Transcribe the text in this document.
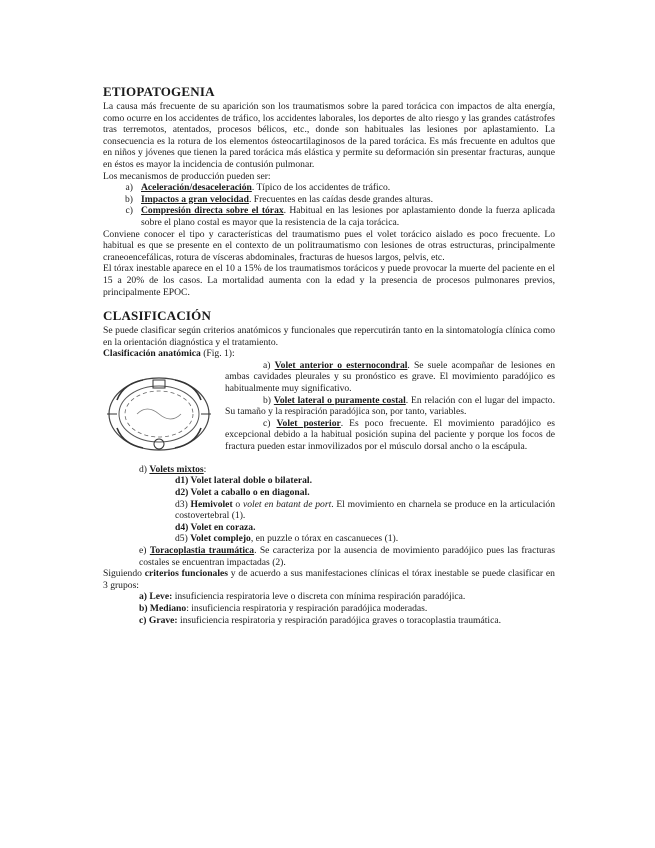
ETIOPATOGENIA

La causa más frecuente de su aparición son los traumatismos sobre la pared torácica con impactos de alta energía, como ocurre en los accidentes de tráfico, los accidentes laborales, los deportes de alto riesgo y las grandes catástrofes tras terremotos, atentados, procesos bélicos, etc., donde son habituales las lesiones por aplastamiento. La consecuencia es la rotura de los elementos ósteocartilaginosos de la pared torácica. Es más frecuente en adultos que en niños y jóvenes que tienen la pared torácica más elástica y permite su deformación sin presentar fracturas, aunque en éstos es mayor la incidencia de contusión pulmonar.

Los mecanismos de producción pueden ser:

a) Aceleración/desaceleración. Típico de los accidentes de tráfico.
b) Impactos a gran velocidad. Frecuentes en las caídas desde grandes alturas.
c) Compresión directa sobre el tórax. Habitual en las lesiones por aplastamiento donde la fuerza aplicada sobre el plano costal es mayor que la resistencia de la caja torácica.

Conviene conocer el tipo y características del traumatismo pues el volet torácico aislado es poco frecuente. Lo habitual es que se presente en el contexto de un politraumatismo con lesiones de otras estructuras, principalmente craneoencefálicas, rotura de vísceras abdominales, fracturas de huesos largos, pelvis, etc.

El tórax inestable aparece en el 10 a 15% de los traumatismos torácicos y puede provocar la muerte del paciente en el 15 a 20% de los casos. La mortalidad aumenta con la edad y la presencia de procesos pulmonares previos, principalmente EPOC.

CLASIFICACIÓN

Se puede clasificar según criterios anatómicos y funcionales que repercutirán tanto en la sintomatología clínica como en la orientación diagnóstica y el tratamiento.

Clasificación anatómica (Fig. 1):

a) Volet anterior o esternocondral. Se suele acompañar de lesiones en ambas cavidades pleurales y su pronóstico es grave. El movimiento paradójico es habitualmente muy significativo.

b) Volet lateral o puramente costal. En relación con el lugar del impacto. Su tamaño y la respiración paradójica son, por tanto, variables.

c) Volet posterior. Es poco frecuente. El movimiento paradójico es excepcional debido a la habitual posición supina del paciente y porque los focos de fractura pueden estar inmovilizados por el músculo dorsal ancho o la escápula.

d) Volets mixtos:

d1) Volet lateral doble o bilateral.

d2) Volet a caballo o en diagonal.

d3) Hemivolet o volet en batant de port. El movimiento en charnela se produce en la articulación costovertebral (1).

d4) Volet en coraza.

d5) Volet complejo, en puzzle o tórax en cascanueces (1).

e) Toracoplastia traumática. Se caracteriza por la ausencia de movimiento paradójico pues las fracturas costales se encuentran impactadas (2).

Siguiendo criterios funcionales y de acuerdo a sus manifestaciones clínicas el tórax inestable se puede clasificar en 3 grupos:

a) Leve: insuficiencia respiratoria leve o discreta con mínima respiración paradójica.

b) Mediano: insuficiencia respiratoria y respiración paradójica moderadas.

c) Grave: insuficiencia respiratoria y respiración paradójica graves o toracoplastia traumática.
